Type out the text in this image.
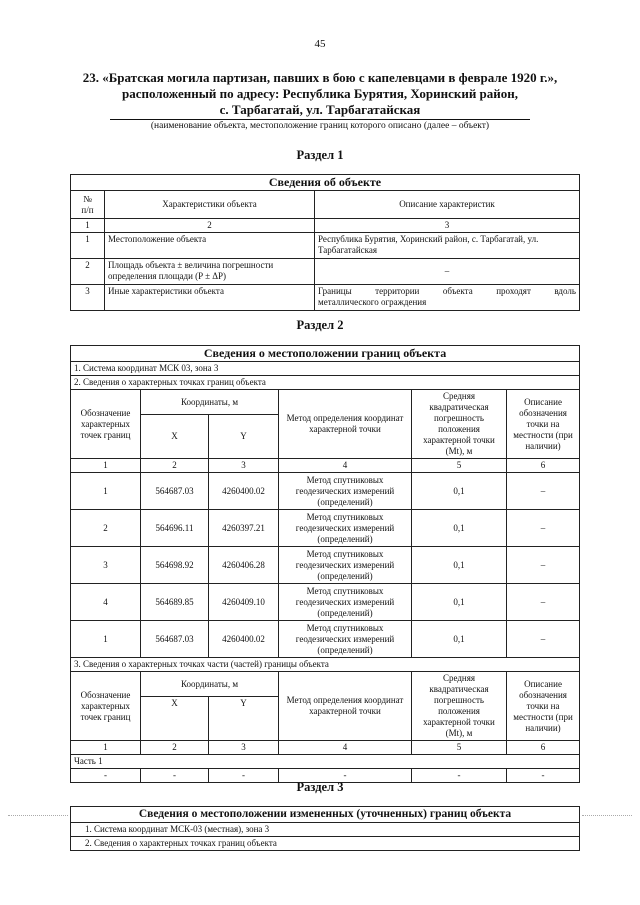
45
23. «Братская могила партизан, павших в бою с капелевцами в феврале 1920 г.»,
расположенный по адресу: Республика Бурятия, Хоринский район,
с. Тарбагатай, ул. Тарбагатайская
(наименование объекта, местоположение границ которого описано (далее – объект)
Раздел 1
Сведения об объекте		

№
п/п	Характеристики объекта	Описание характеристик
1	2	3
1	Местоположение объекта	Республика Бурятия, Хоринский район, с. Тарбагатай, ул. Тарбагатайская
2	Площадь объекта ± величина погрешности определения площади (P ± ΔP)	–
3	Иные характеристики объекта	Границы территории объекта проходят вдоль
металлического ограждения
Раздел 2
Сведения о местоположении границ объекта					
1. Система координат МСК 03, зона 3					
2. Сведения о характерных точках границ объекта					
Обозначение характерных точек границ	Координаты, м		Метод определения координат характерной точки	Средняя квадратическая погрешность положения характерной точки (Mt), м	Описание обозначения точки на местности (при наличии)
	X	Y			
1	2	3	4	5	6
1	564687.03	4260400.02	Метод спутниковых геодезических измерений (определений)	0,1	–
2	564696.11	4260397.21	Метод спутниковых геодезических измерений (определений)	0,1	–
3	564698.92	4260406.28	Метод спутниковых геодезических измерений (определений)	0,1	–
4	564689.85	4260409.10	Метод спутниковых геодезических измерений (определений)	0,1	–
1	564687.03	4260400.02	Метод спутниковых геодезических измерений (определений)	0,1	–
3. Сведения о характерных точках части (частей) границы объекта					
Обозначение характерных точек границ	Координаты, м		Метод определения координат характерной точки	Средняя квадратическая погрешность положения характерной точки (Mt), м	Описание обозначения точки на местности (при наличии)
	X	Y			
1	2	3	4	5	6
Часть 1					
-	-	-	-	-	-
Раздел 3
Сведения о местоположении измененных (уточненных) границ объекта
1. Система координат МСК-03 (местная), зона 3
2. Сведения о характерных точках границ объекта
